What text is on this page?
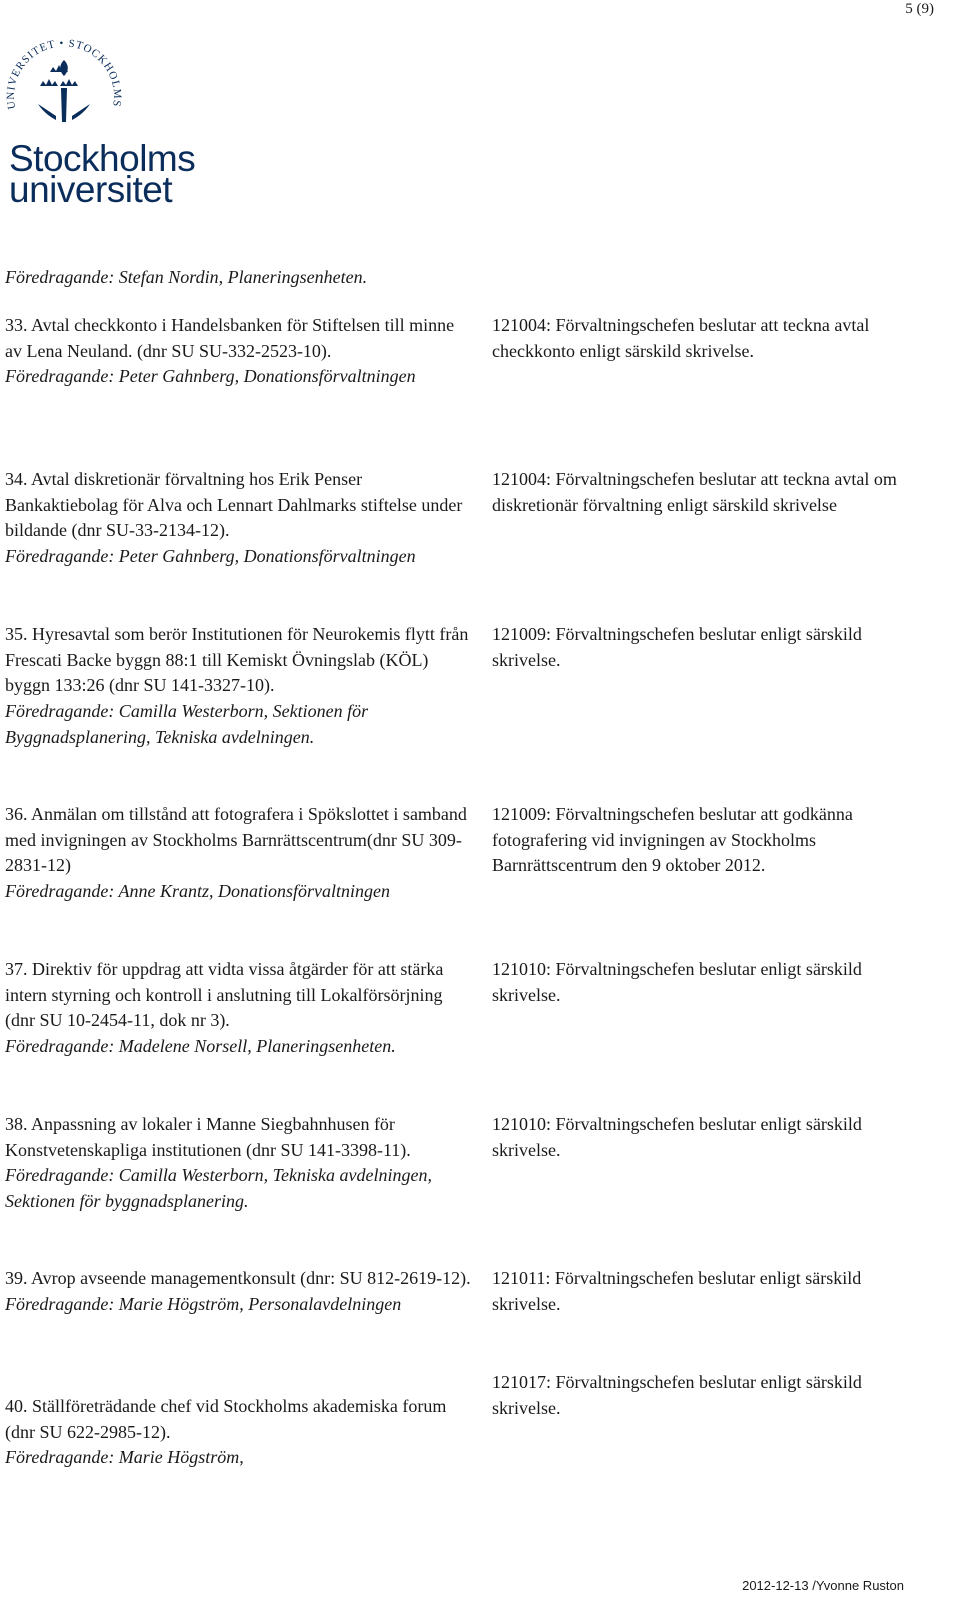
5 (9)
UNIVERSITET • STOCKHOLMS
Stockholms
universitet
Föredragande: Stefan Nordin, Planeringsenheten.
33. Avtal checkkonto i Handelsbanken för Stiftelsen till minne av Lena Neuland. (dnr SU SU-332-2523-10).
Föredragande: Peter Gahnberg, Donationsförvaltningen
121004: Förvaltningschefen beslutar att teckna avtal checkkonto enligt särskild skrivelse.
34. Avtal diskretionär förvaltning hos Erik Penser Bankaktiebolag för Alva och Lennart Dahlmarks stiftelse under bildande (dnr SU-33-2134-12).
Föredragande: Peter Gahnberg, Donationsförvaltningen
121004: Förvaltningschefen beslutar att teckna avtal om diskretionär förvaltning enligt särskild skrivelse
35. Hyresavtal som berör Institutionen för Neurokemis flytt från Frescati Backe byggn 88:1 till Kemiskt Övningslab (KÖL) byggn 133:26 (dnr SU 141-3327-10).
Föredragande: Camilla Westerborn, Sektionen för Byggnadsplanering, Tekniska avdelningen.
121009: Förvaltningschefen beslutar enligt särskild skrivelse.
36. Anmälan om tillstånd att fotografera i Spökslottet i samband med invigningen av Stockholms Barnrättscentrum(dnr SU 309-2831-12)
Föredragande: Anne Krantz, Donationsförvaltningen
121009: Förvaltningschefen beslutar att godkänna fotografering vid invigningen av Stockholms Barnrättscentrum den 9 oktober 2012.
37. Direktiv för uppdrag att vidta vissa åtgärder för att stärka intern styrning och kontroll i anslutning till Lokalförsörjning (dnr SU 10-2454-11, dok nr 3).
Föredragande: Madelene Norsell, Planeringsenheten.
121010: Förvaltningschefen beslutar enligt särskild skrivelse.
38. Anpassning av lokaler i Manne Siegbahnhusen för Konstvetenskapliga institutionen (dnr SU 141-3398-11).
Föredragande: Camilla Westerborn, Tekniska avdelningen, Sektionen för byggnadsplanering.
121010: Förvaltningschefen beslutar enligt särskild skrivelse.
39. Avrop avseende managementkonsult (dnr: SU 812-2619-12).
Föredragande: Marie Högström, Personalavdelningen
121011: Förvaltningschefen beslutar enligt särskild skrivelse.
40. Ställföreträdande chef vid Stockholms akademiska forum (dnr SU 622-2985-12).
Föredragande: Marie Högström,
121017: Förvaltningschefen beslutar enligt särskild skrivelse.
2012-12-13 /Yvonne Ruston
